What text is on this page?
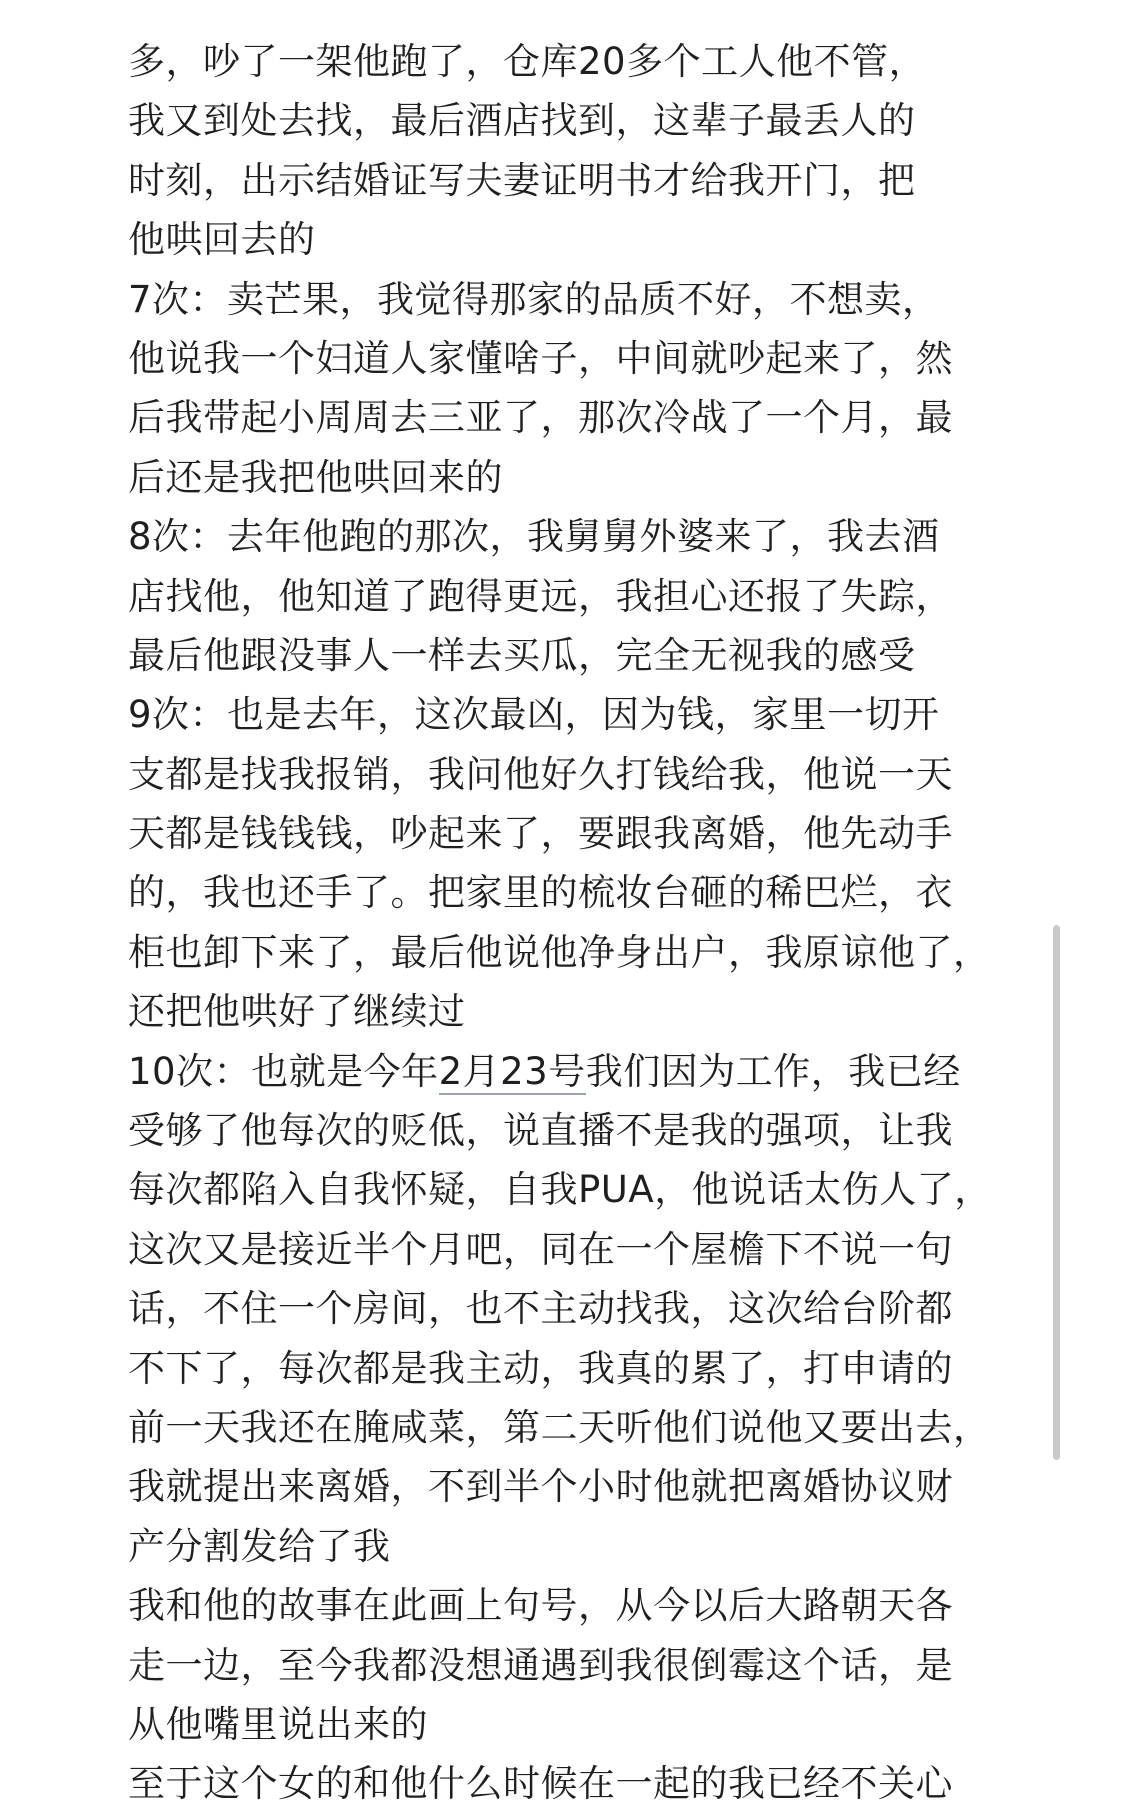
多，吵了一架他跑了，仓库20多个工人他不管，
我又到处去找，最后酒店找到，这辈子最丢人的
时刻，出示结婚证写夫妻证明书才给我开门，把
他哄回去的
7次：卖芒果，我觉得那家的品质不好，不想卖，
他说我一个妇道人家懂啥子，中间就吵起来了，然
后我带起小周周去三亚了，那次冷战了一个月，最
后还是我把他哄回来的
8次：去年他跑的那次，我舅舅外婆来了，我去酒
店找他，他知道了跑得更远，我担心还报了失踪，
最后他跟没事人一样去买瓜，完全无视我的感受
9次：也是去年，这次最凶，因为钱，家里一切开
支都是找我报销，我问他好久打钱给我，他说一天
天都是钱钱钱，吵起来了，要跟我离婚，他先动手
的，我也还手了。把家里的梳妆台砸的稀巴烂，衣
柜也卸下来了，最后他说他净身出户，我原谅他了，
还把他哄好了继续过
10次：也就是今年2月23号我们因为工作，我已经
受够了他每次的贬低，说直播不是我的强项，让我
每次都陷入自我怀疑，自我PUA，他说话太伤人了，
这次又是接近半个月吧，同在一个屋檐下不说一句
话，不住一个房间，也不主动找我，这次给台阶都
不下了，每次都是我主动，我真的累了，打申请的
前一天我还在腌咸菜，第二天听他们说他又要出去，
我就提出来离婚，不到半个小时他就把离婚协议财
产分割发给了我
我和他的故事在此画上句号，从今以后大路朝天各
走一边，至今我都没想通遇到我很倒霉这个话，是
从他嘴里说出来的
至于这个女的和他什么时候在一起的我已经不关心
